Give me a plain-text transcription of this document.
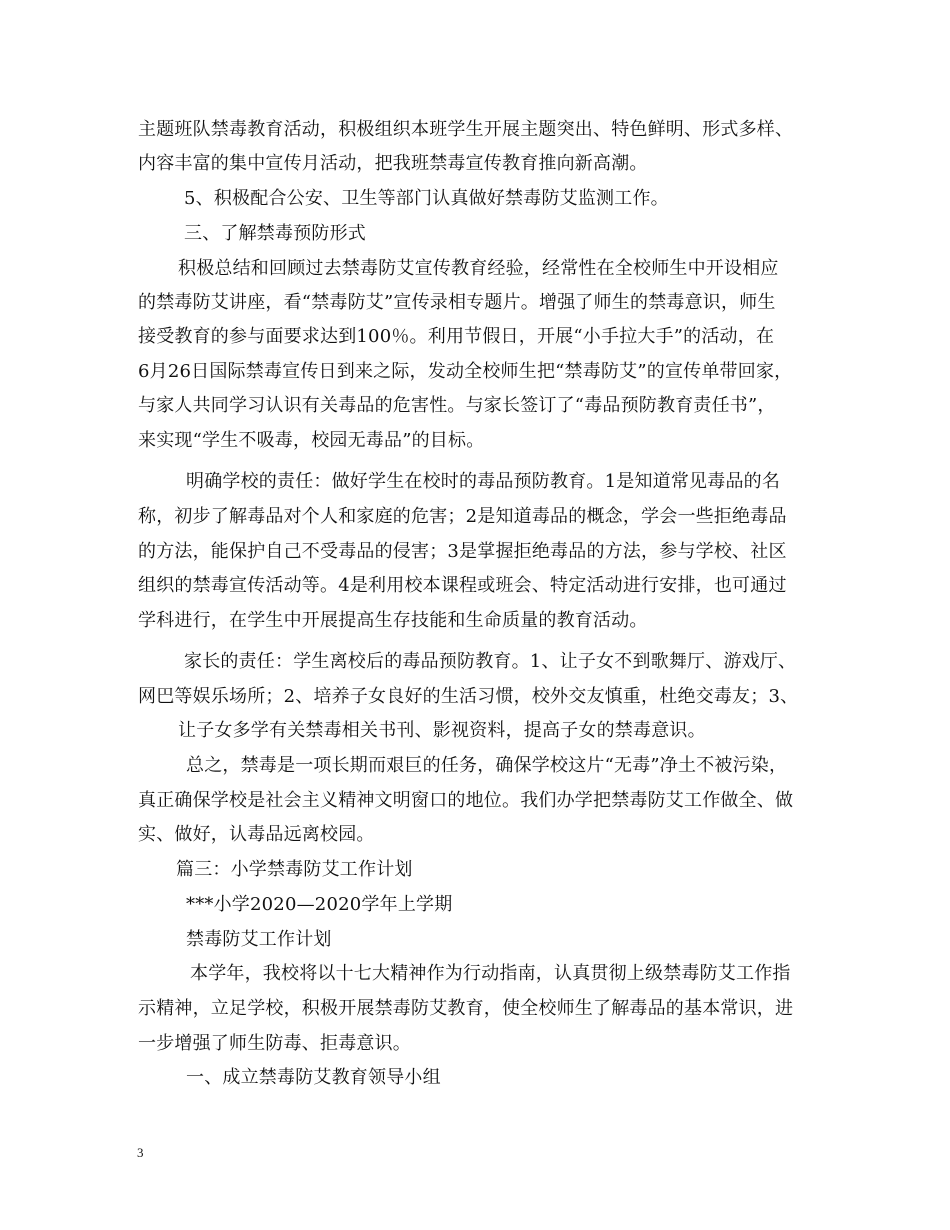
主题班队禁毒教育活动，积极组织本班学生开展主题突出、特色鲜明、形式多样、
内容丰富的集中宣传月活动，把我班禁毒宣传教育推向新高潮。
5、积极配合公安、卫生等部门认真做好禁毒防艾监测工作。
三、了解禁毒预防形式
积极总结和回顾过去禁毒防艾宣传教育经验，经常性在全校师生中开设相应
的禁毒防艾讲座，看“禁毒防艾”宣传录相专题片。增强了师生的禁毒意识，师生
接受教育的参与面要求达到100％。利用节假日，开展“小手拉大手”的活动，在
6月26日国际禁毒宣传日到来之际，发动全校师生把“禁毒防艾”的宣传单带回家，
与家人共同学习认识有关毒品的危害性。与家长签订了“毒品预防教育责任书”，
来实现“学生不吸毒，校园无毒品”的目标。
明确学校的责任：做好学生在校时的毒品预防教育。1是知道常见毒品的名
称，初步了解毒品对个人和家庭的危害；2是知道毒品的概念，学会一些拒绝毒品
的方法，能保护自己不受毒品的侵害；3是掌握拒绝毒品的方法，参与学校、社区
组织的禁毒宣传活动等。4是利用校本课程或班会、特定活动进行安排，也可通过
学科进行，在学生中开展提高生存技能和生命质量的教育活动。
家长的责任：学生离校后的毒品预防教育。1、让子女不到歌舞厅、游戏厅、
网巴等娱乐场所；2、培养子女良好的生活习惯，校外交友慎重，杜绝交毒友；3、
让子女多学有关禁毒相关书刊、影视资料，提高子女的禁毒意识。
总之，禁毒是一项长期而艰巨的任务，确保学校这片“无毒”净土不被污染，
真正确保学校是社会主义精神文明窗口的地位。我们办学把禁毒防艾工作做全、做
实、做好，认毒品远离校园。
篇三：小学禁毒防艾工作计划
***小学2020—2020学年上学期
禁毒防艾工作计划
本学年，我校将以十七大精神作为行动指南，认真贯彻上级禁毒防艾工作指
示精神，立足学校，积极开展禁毒防艾教育，使全校师生了解毒品的基本常识，进
一步增强了师生防毒、拒毒意识。
一、成立禁毒防艾教育领导小组
3
